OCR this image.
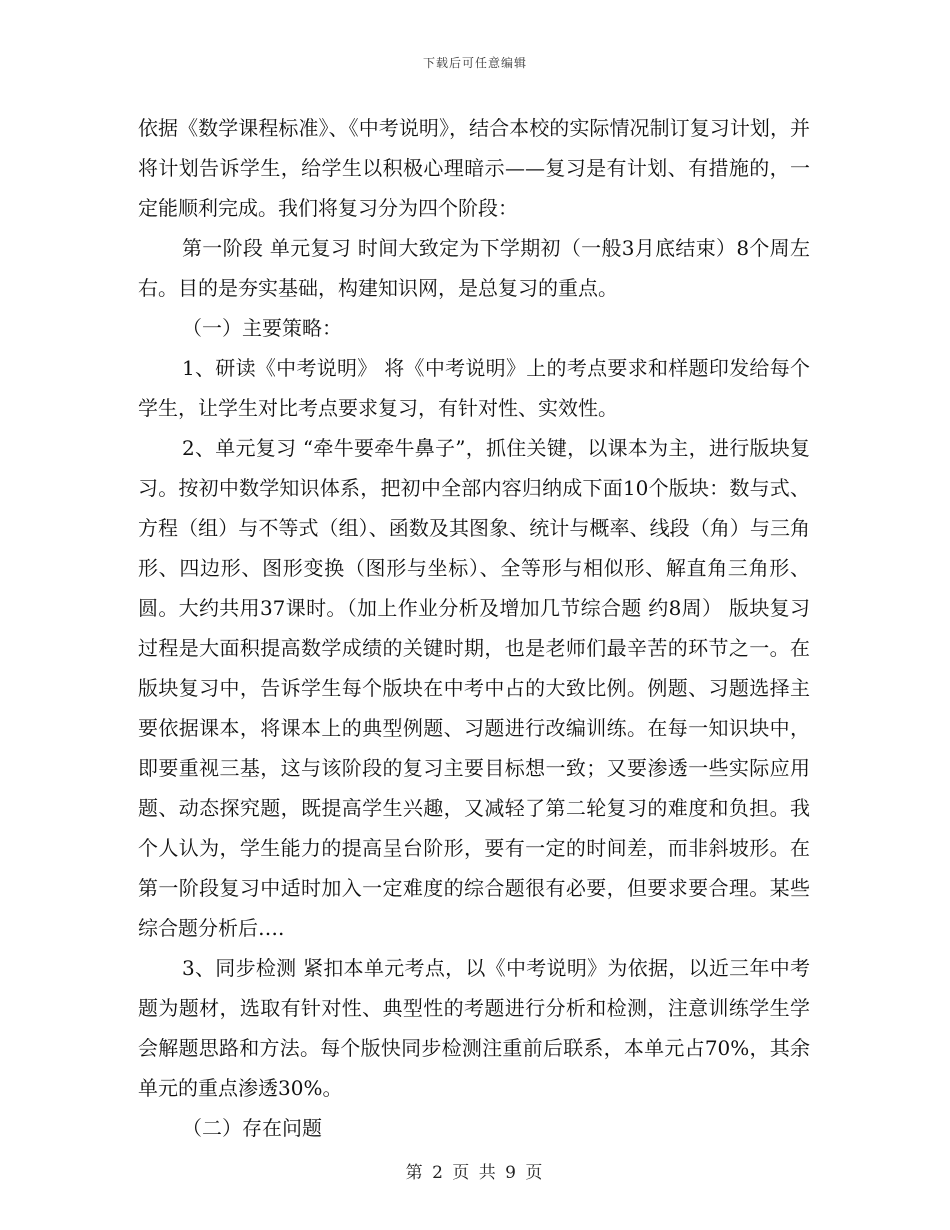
下载后可任意编辑

依据《数学课程标准》、《中考说明》，结合本校的实际情况制订复习计划，并将计划告诉学生，给学生以积极心理暗示——复习是有计划、有措施的，一定能顺利完成。我们将复习分为四个阶段：

第一阶段 单元复习 时间大致定为下学期初（一般3月底结束）8个周左右。目的是夯实基础，构建知识网，是总复习的重点。

（一）主要策略：

1、研读《中考说明》 将《中考说明》上的考点要求和样题印发给每个学生，让学生对比考点要求复习，有针对性、实效性。

2、单元复习 “牵牛要牵牛鼻子”，抓住关键，以课本为主，进行版块复习。按初中数学知识体系，把初中全部内容归纳成下面10个版块：数与式、方程（组）与不等式（组）、函数及其图象、统计与概率、线段（角）与三角形、四边形、图形变换（图形与坐标）、全等形与相似形、解直角三角形、圆。大约共用37课时。（加上作业分析及增加几节综合题 约8周） 版块复习过程是大面积提高数学成绩的关键时期，也是老师们最辛苦的环节之一。在版块复习中，告诉学生每个版块在中考中占的大致比例。例题、习题选择主要依据课本，将课本上的典型例题、习题进行改编训练。在每一知识块中，即要重视三基，这与该阶段的复习主要目标想一致；又要渗透一些实际应用题、动态探究题，既提高学生兴趣，又减轻了第二轮复习的难度和负担。我个人认为，学生能力的提高呈台阶形，要有一定的时间差，而非斜坡形。在第一阶段复习中适时加入一定难度的综合题很有必要，但要求要合理。某些综合题分析后….

3、同步检测 紧扣本单元考点，以《中考说明》为依据，以近三年中考题为题材，选取有针对性、典型性的考题进行分析和检测，注意训练学生学会解题思路和方法。每个版快同步检测注重前后联系，本单元占70%，其余单元的重点渗透30%。

（二）存在问题

第 2 页 共 9 页
